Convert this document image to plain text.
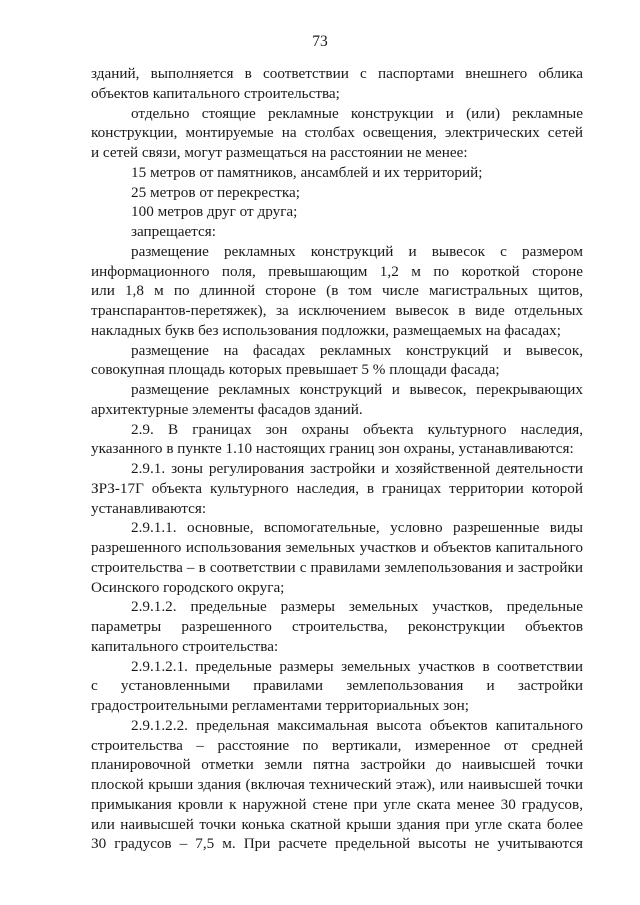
73
зданий, выполняется в соответствии с паспортами внешнего облика
объектов капитального строительства;
отдельно стоящие рекламные конструкции и (или) рекламные
конструкции, монтируемые на столбах освещения, электрических сетей
и сетей связи, могут размещаться на расстоянии не менее:
15 метров от памятников, ансамблей и их территорий;
25 метров от перекрестка;
100 метров друг от друга;
запрещается:
размещение рекламных конструкций и вывесок с размером
информационного поля, превышающим 1,2 м по короткой стороне
или 1,8 м по длинной стороне (в том числе магистральных щитов,
транспарантов-перетяжек), за исключением вывесок в виде отдельных
накладных букв без использования подложки, размещаемых на фасадах;
размещение на фасадах рекламных конструкций и вывесок,
совокупная площадь которых превышает 5 % площади фасада;
размещение рекламных конструкций и вывесок, перекрывающих
архитектурные элементы фасадов зданий.
2.9. В границах зон охраны объекта культурного наследия,
указанного в пункте 1.10 настоящих границ зон охраны, устанавливаются:
2.9.1. зоны регулирования застройки и хозяйственной деятельности
ЗРЗ-17Г объекта культурного наследия, в границах территории которой
устанавливаются:
2.9.1.1. основные, вспомогательные, условно разрешенные виды
разрешенного использования земельных участков и объектов капитального
строительства – в соответствии с правилами землепользования и застройки
Осинского городского округа;
2.9.1.2. предельные размеры земельных участков, предельные
параметры разрешенного строительства, реконструкции объектов
капитального строительства:
2.9.1.2.1. предельные размеры земельных участков в соответствии
с установленными правилами землепользования и застройки
градостроительными регламентами территориальных зон;
2.9.1.2.2. предельная максимальная высота объектов капитального
строительства – расстояние по вертикали, измеренное от средней
планировочной отметки земли пятна застройки до наивысшей точки
плоской крыши здания (включая технический этаж), или наивысшей точки
примыкания кровли к наружной стене при угле ската менее 30 градусов,
или наивысшей точки конька скатной крыши здания при угле ската более
30 градусов – 7,5 м. При расчете предельной высоты не учитываются
